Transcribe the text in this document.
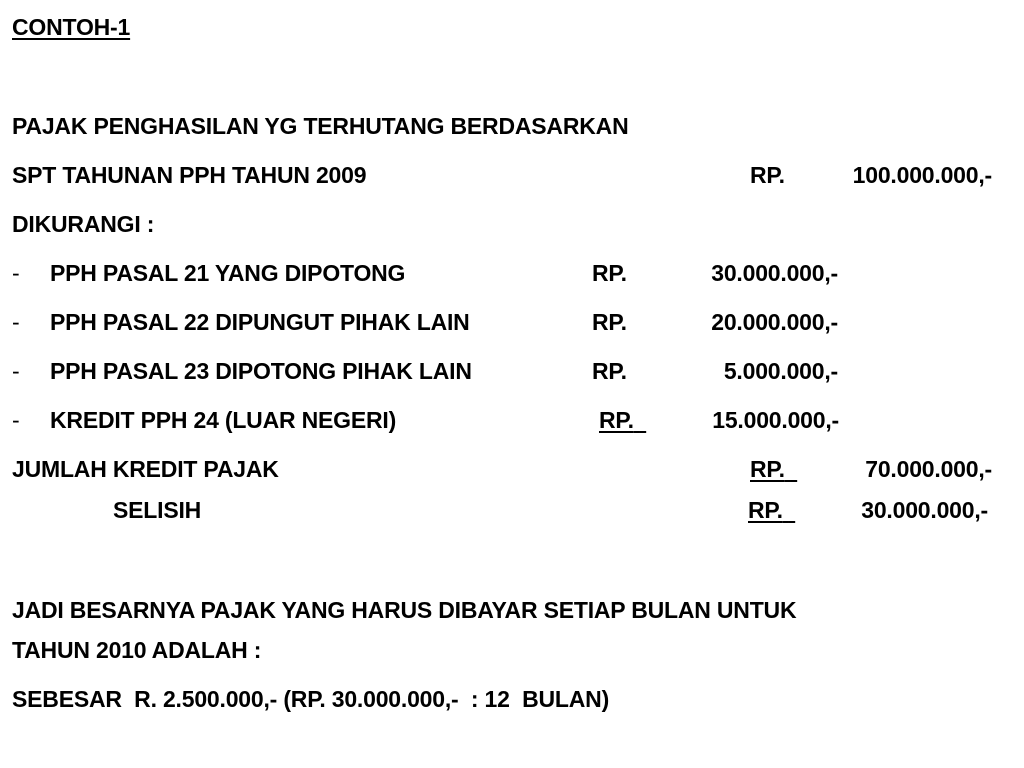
CONTOH-1
PAJAK PENGHASILAN YG TERHUTANG BERDASARKAN
SPT TAHUNAN PPH TAHUN 2009	RP.	100.000.000,-
DIKURANGI :
- PPH PASAL 21 YANG DIPOTONG	RP.	30.000.000,-
- PPH PASAL 22 DIPUNGUT PIHAK LAIN	RP.	20.000.000,-
- PPH PASAL 23 DIPOTONG PIHAK LAIN	RP.	5.000.000,-
- KREDIT PPH 24 (LUAR NEGERI)	RP.	15.000.000,-

JUMLAH KREDIT PAJAK	RP.	70.000.000,-

SELISIH	RP.	30.000.000,-

JADI BESARNYA PAJAK YANG HARUS DIBAYAR SETIAP BULAN UNTUK
TAHUN 2010 ADALAH :
SEBESAR  R. 2.500.000,- (RP. 30.000.000,-  : 12  BULAN)
